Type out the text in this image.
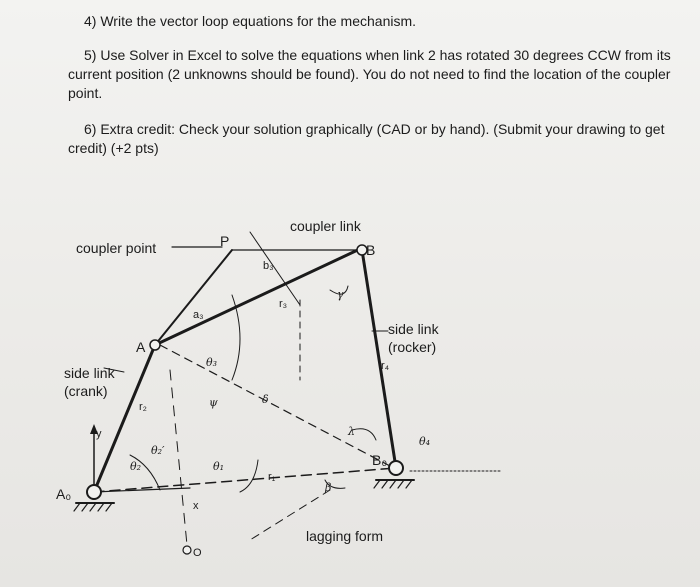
4) Write the vector loop equations for the mechanism.
5) Use Solver in Excel to solve the equations when link 2 has rotated 30 degrees CCW from its current position (2 unknowns should be found). You do not need to find the location of the coupler point.
6) Extra credit: Check your solution graphically (CAD or by hand). (Submit your drawing to get credit) (+2 pts)
coupler link
coupler point	P
B
b₃
r₃
a₃
γ
A
side link
(rocker)
r₄
θ₃
side link
(crank)
ψ	δ
r₂
y	λ
θ₄
θ₂′
θ₂	θ₁	B₀
r₁
β
A₀
x
lagging form
O
